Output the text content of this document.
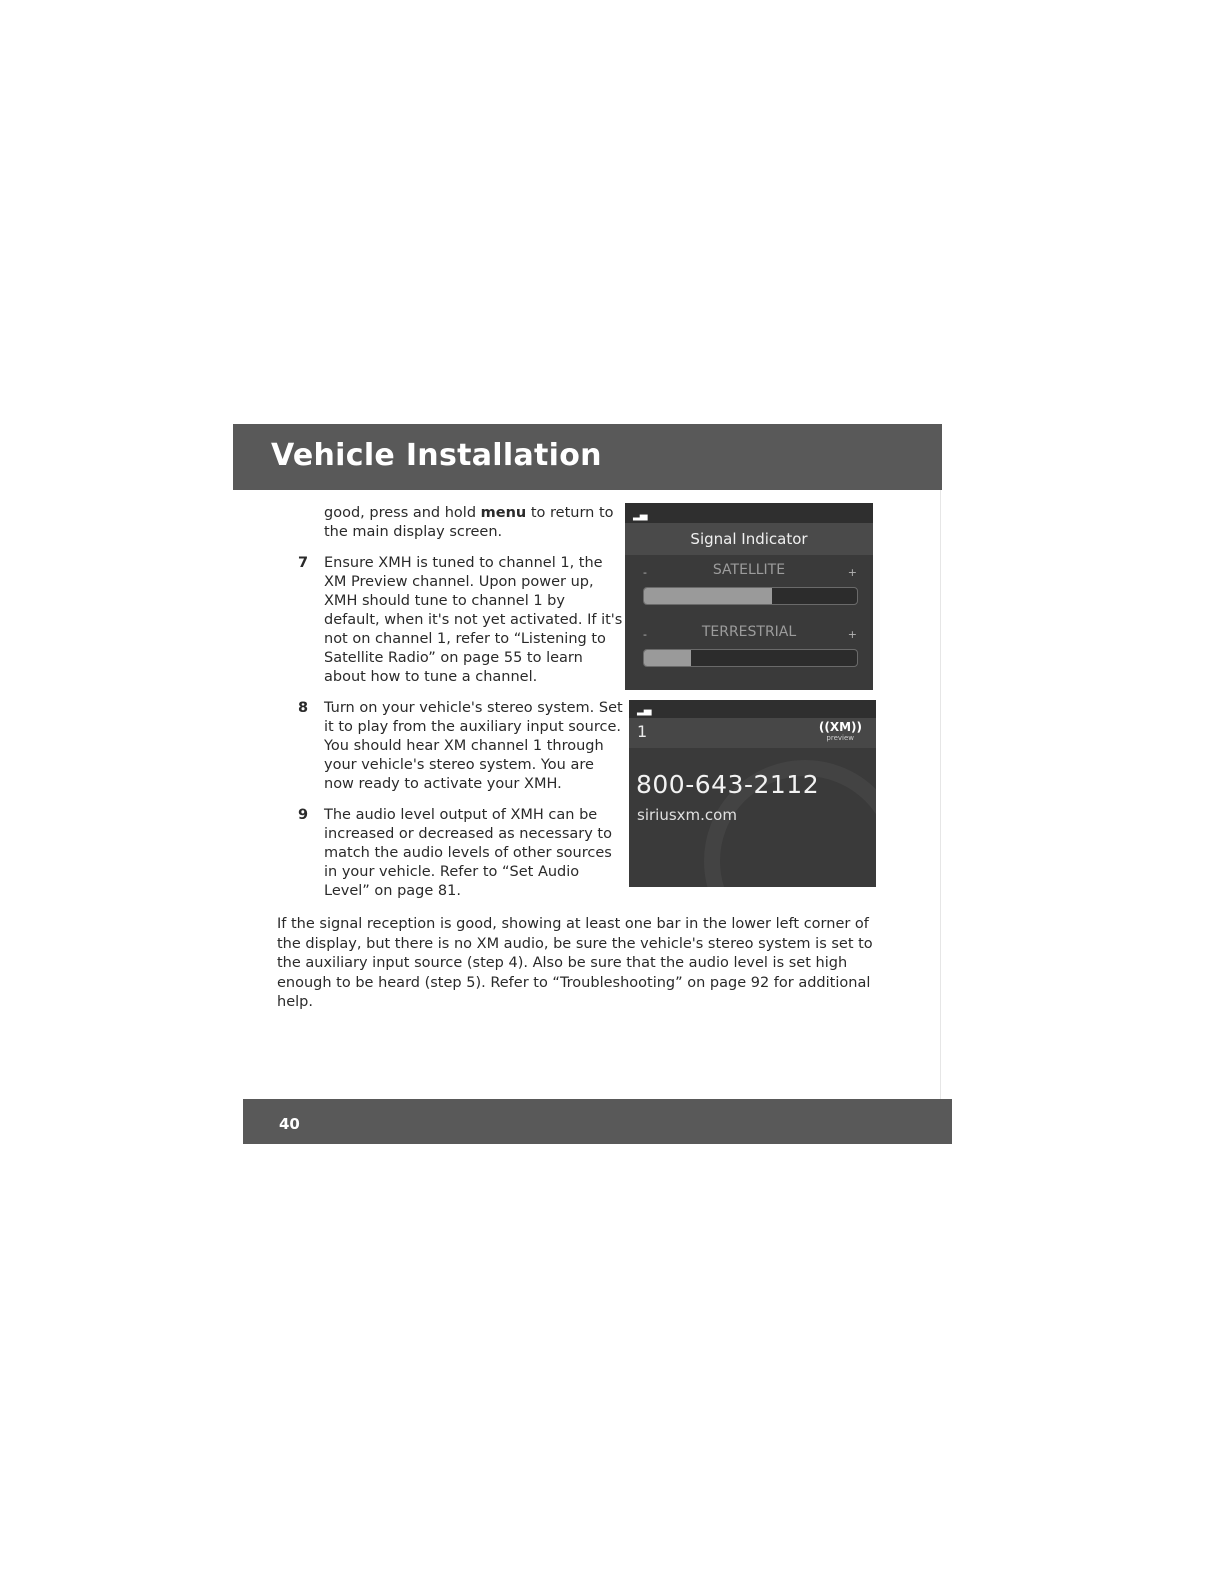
Vehicle Installation

good, press and hold menu to return to the main display screen.

7	Ensure XMH is tuned to channel 1, the XM Preview channel. Upon power up, XMH should tune to channel 1 by default, when it's not yet activated. If it's not on channel 1, refer to “Listening to Satellite Radio” on page 55 to learn about how to tune a channel.

8	Turn on your vehicle's stereo system. Set it to play from the auxiliary input source. You should hear XM channel 1 through your vehicle's stereo system. You are now ready to activate your XMH.

9	The audio level output of XMH can be increased or decreased as necessary to match the audio levels of other sources in your vehicle. Refer to “Set Audio Level” on page 81.

▂▄
Signal Indicator
-	SATELLITE	+
-	TERRESTRIAL	+
▂▄
1	((XM))
preview
800-643-2112
siriusxm.com

If the signal reception is good, showing at least one bar in the lower left corner of the display, but there is no XM audio, be sure the vehicle's stereo system is set to the auxiliary input source (step 4). Also be sure that the audio level is set high enough to be heard (step 5). Refer to “Troubleshooting” on page 92 for additional help.

40
